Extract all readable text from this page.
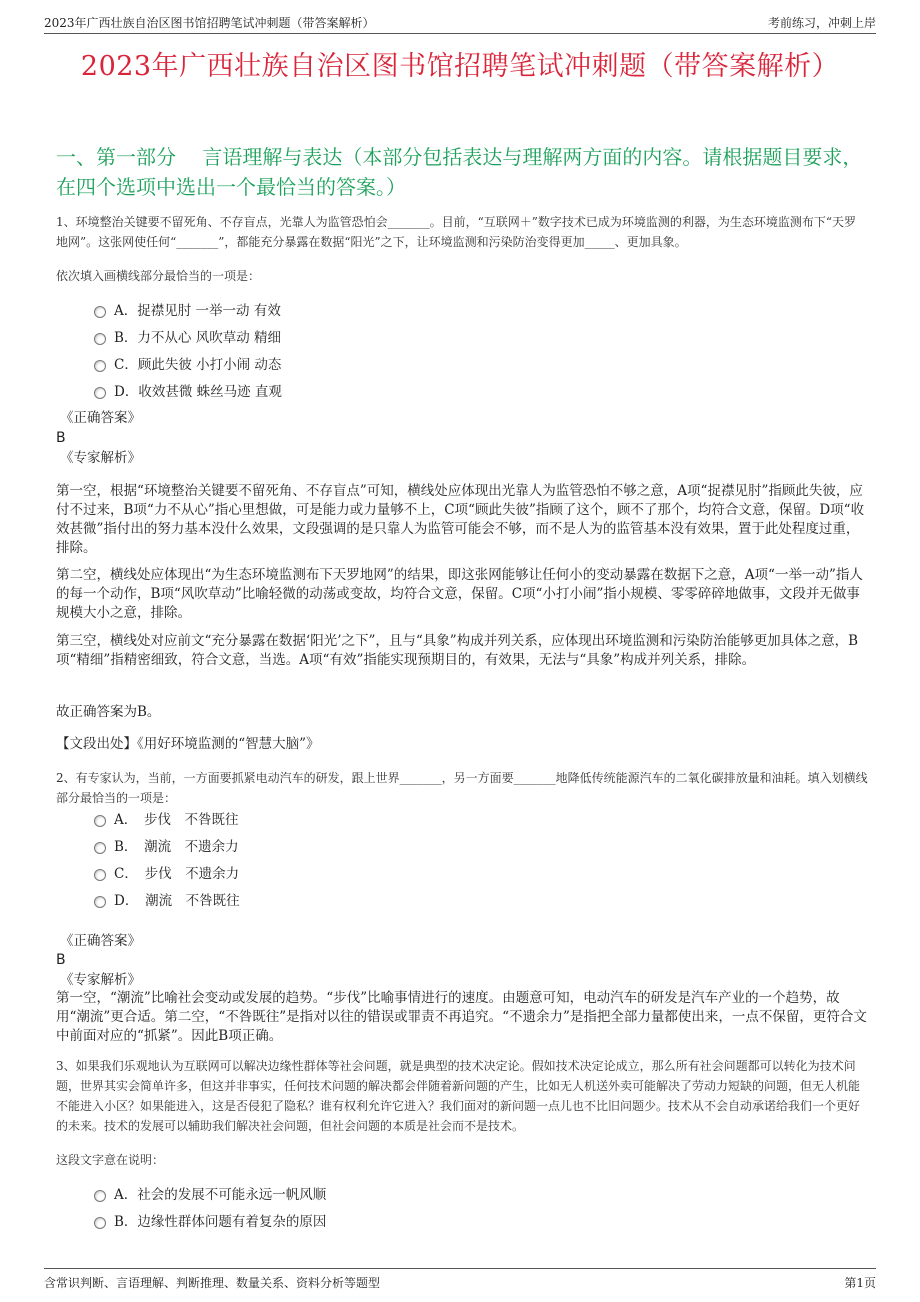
2023年广西壮族自治区图书馆招聘笔试冲刺题（带答案解析）	考前练习，冲刺上岸
2023年广西壮族自治区图书馆招聘笔试冲刺题（带答案解析）
一、第一部分　 言语理解与表达（本部分包括表达与理解两方面的内容。请根据题目要求，在四个选项中选出一个最恰当的答案。）
1、环境整治关键要不留死角、不存盲点，光靠人为监管恐怕会_______。目前，“互联网＋”数字技术已成为环境监测的利器，为生态环境监测布下“天罗地网”。这张网使任何“_______”，都能充分暴露在数据“阳光”之下，让环境监测和污染防治变得更加_____、更加具象。
依次填入画横线部分最恰当的一项是：
A．捉襟见肘 一举一动 有效
B．力不从心 风吹草动 精细
C．顾此失彼 小打小闹 动态
D．收效甚微 蛛丝马迹 直观
《正确答案》
B
《专家解析》
第一空，根据“环境整治关键要不留死角、不存盲点”可知，横线处应体现出光靠人为监管恐怕不够之意，A项“捉襟见肘”指顾此失彼，应付不过来，B项“力不从心”指心里想做，可是能力或力量够不上，C项“顾此失彼”指顾了这个，顾不了那个，均符合文意，保留。D项“收效甚微”指付出的努力基本没什么效果，文段强调的是只靠人为监管可能会不够，而不是人为的监管基本没有效果，置于此处程度过重，排除。
第二空，横线处应体现出“为生态环境监测布下天罗地网”的结果，即这张网能够让任何小的变动暴露在数据下之意，A项“一举一动”指人的每一个动作，B项“风吹草动”比喻轻微的动荡或变故，均符合文意，保留。C项“小打小闹”指小规模、零零碎碎地做事，文段并无做事规模大小之意，排除。
第三空，横线处对应前文“充分暴露在数据‘阳光’之下”，且与“具象”构成并列关系，应体现出环境监测和污染防治能够更加具体之意，B项“精细”指精密细致，符合文意，当选。A项“有效”指能实现预期目的，有效果，无法与“具象”构成并列关系，排除。
故正确答案为B。
【文段出处】《用好环境监测的“智慧大脑”》
2、有专家认为，当前，一方面要抓紧电动汽车的研发，跟上世界_______，另一方面要_______地降低传统能源汽车的二氧化碳排放量和油耗。填入划横线部分最恰当的一项是：
A．　步伐　不咎既往
B．　潮流　不遗余力
C．　步伐　不遗余力
D．　潮流　不咎既往
《正确答案》
B
《专家解析》
第一空，“潮流”比喻社会变动或发展的趋势。“步伐”比喻事情进行的速度。由题意可知，电动汽车的研发是汽车产业的一个趋势，故用“潮流”更合适。第二空，“不咎既往”是指对以往的错误或罪责不再追究。“不遗余力”是指把全部力量都使出来，一点不保留，更符合文中前面对应的“抓紧”。因此B项正确。
3、如果我们乐观地认为互联网可以解决边缘性群体等社会问题，就是典型的技术决定论。假如技术决定论成立，那么所有社会问题都可以转化为技术问题，世界其实会简单许多，但这并非事实，任何技术问题的解决都会伴随着新问题的产生，比如无人机送外卖可能解决了劳动力短缺的问题，但无人机能不能进入小区？如果能进入，这是否侵犯了隐私？谁有权利允许它进入？我们面对的新问题一点儿也不比旧问题少。技术从不会自动承诺给我们一个更好的未来。技术的发展可以辅助我们解决社会问题，但社会问题的本质是社会而不是技术。
这段文字意在说明：
A．社会的发展不可能永远一帆风顺
B．边缘性群体问题有着复杂的原因
含常识判断、言语理解、判断推理、数量关系、资料分析等题型	第1页
